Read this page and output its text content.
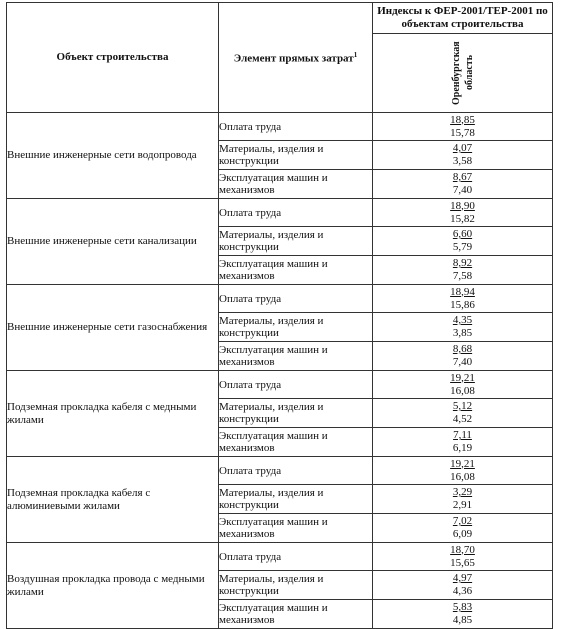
Объект строительства	Элемент прямых затрат$^1$	Индексы к ФЕР-2001/ТЕР-2001 по объектам строительства

		Оренбургская область

Внешние инженерные сети водопровода	Оплата труда	18,85
15,78

	Материалы, изделия и конструкции	4,07
3,58

	Эксплуатация машин и механизмов	8,67
7,40

Внешние инженерные сети канализации	Оплата труда	18,90
15,82

	Материалы, изделия и конструкции	6,60
5,79

	Эксплуатация машин и механизмов	8,92
7,58

Внешние инженерные сети газоснабжения	Оплата труда	18,94
15,86

	Материалы, изделия и конструкции	4,35
3,85

	Эксплуатация машин и механизмов	8,68
7,40

Подземная прокладка кабеля с медными жилами	Оплата труда	19,21
16,08

	Материалы, изделия и конструкции	5,12
4,52

	Эксплуатация машин и механизмов	7,11
6,19

Подземная прокладка кабеля с алюминиевыми жилами	Оплата труда	19,21
16,08

	Материалы, изделия и конструкции	3,29
2,91

	Эксплуатация машин и механизмов	7,02
6,09

Воздушная прокладка провода с медными жилами	Оплата труда	18,70
15,65

	Материалы, изделия и конструкции	4,97
4,36

	Эксплуатация машин и механизмов	5,83
4,85
